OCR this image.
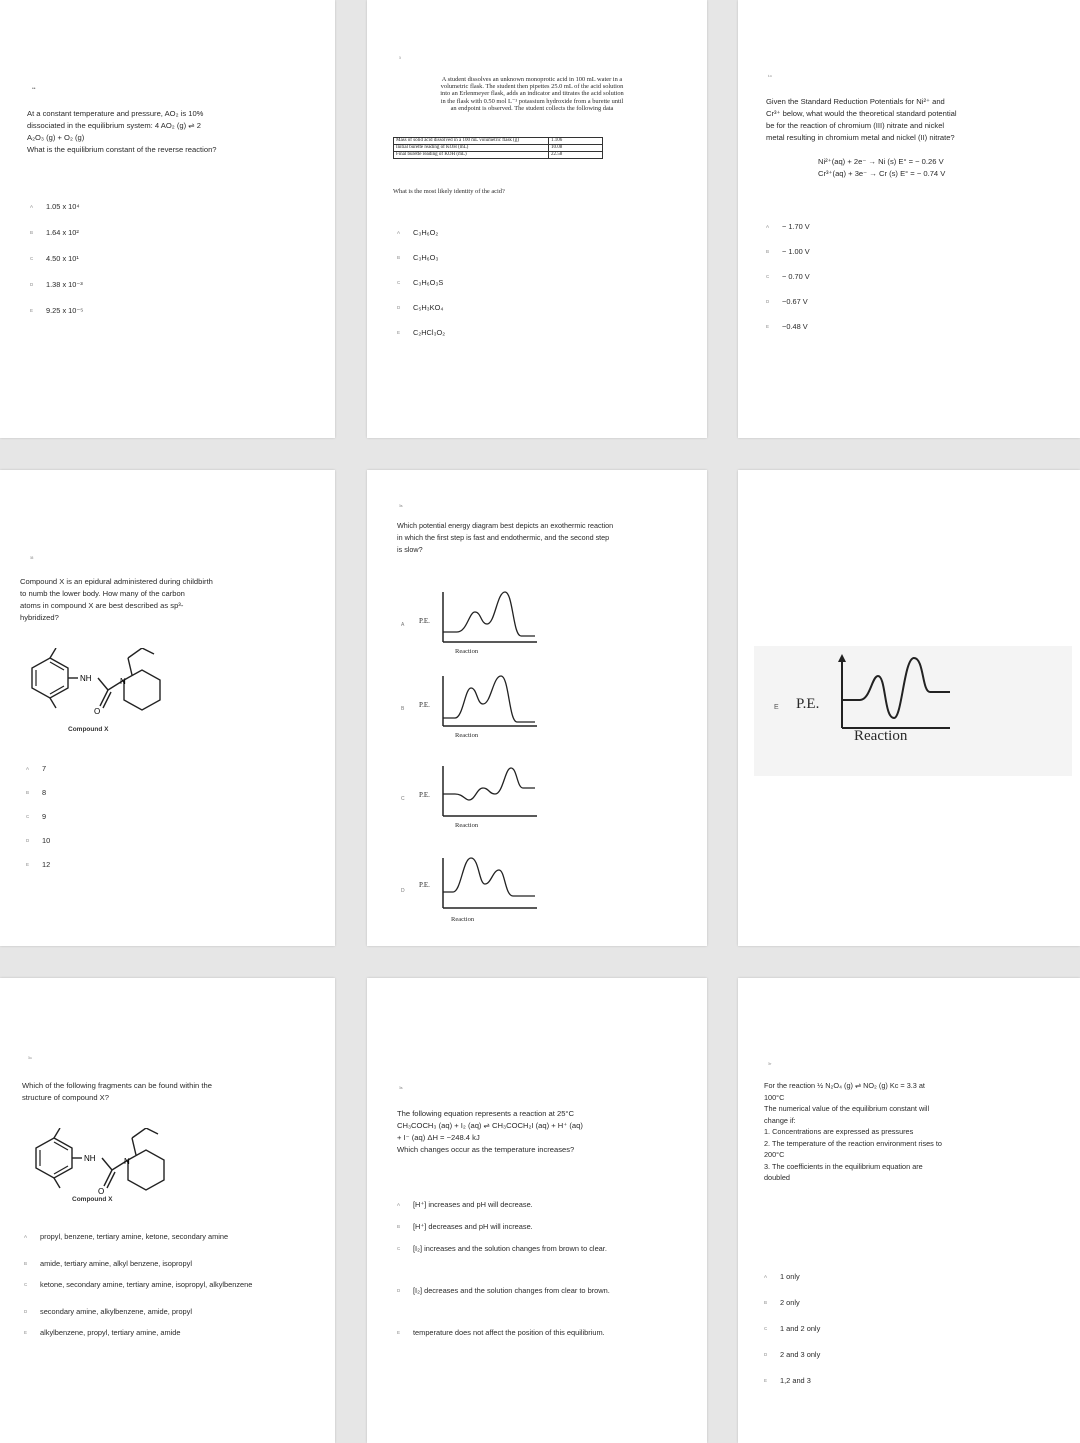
••
At a constant temperature and pressure, AO₂ is 10%
dissociated in the equilibrium system: 4 AO₂ (g) ⇌ 2
A₂O₃ (g) + O₂ (g)
What is the equilibrium constant of the reverse reaction?
A 1.05 x 10⁴
B 1.64 x 10²
C 4.50 x 10¹
D 1.38 x 10⁻³
E 9.25 x 10⁻⁵
³
A student dissolves an unknown monoprotic acid in 100 mL water in a
volumetric flask. The student then pipettes 25.0 mL of the acid solution
into an Erlenmeyer flask, adds an indicator and titrates the acid solution
in the flask with 0.50 mol L⁻¹ potassium hydroxide from a burette until
an endpoint is observed. The student collects the following data
Mass of solid acid dissolved in a 100 mL volumetric flask (g)	1.106
Initial burette reading of KOH (mL)	10.08
Final burette reading of KOH (mL)	22.58
What is the most likely identity of the acid?
A C₃H₆O₂
B C₃H₆O₃
C C₃H₆O₃S
D C₅H₃KO₄
E C₂HCl₃O₂
¹⁴
Given the Standard Reduction Potentials for Ni²⁺ and
Cr³⁺ below, what would the theoretical standard potential
be for the reaction of chromium (III) nitrate and nickel
metal resulting in chromium metal and nickel (II) nitrate?
Ni²⁺(aq) + 2e⁻ → Ni (s) E° = − 0.26 V
Cr³⁺(aq) + 3e⁻ → Cr (s) E° = − 0.74 V
A − 1.70 V
B − 1.00 V
C − 0.70 V
D −0.67 V
E −0.48 V
³³
Compound X is an epidural administered during childbirth
to numb the lower body. How many of the carbon
atoms in compound X are best described as sp³-
hybridized?
NH	N
O
Compound X
A 7
B 8
C 9
D 10
E 12
³⁶
Which potential energy diagram best depicts an exothermic reaction
in which the first step is fast and endothermic, and the second step
is slow?
A P.E.
Reaction
B P.E.
Reaction
C P.E.
Reaction
D
P.E.
Reaction
E P.E.
Reaction
³⁴
Which of the following fragments can be found within the
structure of compound X?
NH	N
O
Compound X
A propyl, benzene, tertiary amine, ketone, secondary amine
B amide, tertiary amine, alkyl benzene, isopropyl
C ketone, secondary amine, tertiary amine, isopropyl, alkylbenzene
D secondary amine, alkylbenzene, amide, propyl
E alkylbenzene, propyl, tertiary amine, amide
³⁶
The following equation represents a reaction at 25°C
CH₃COCH₃ (aq) + I₂ (aq) ⇌ CH₃COCH₂I (aq) + H⁺ (aq)
+ I⁻ (aq) ΔH = −248.4 kJ
Which changes occur as the temperature increases?
A [H⁺] increases and pH will decrease.
B [H⁺] decreases and pH will increase.
C [I₂] increases and the solution changes from brown to clear.
D [I₂] decreases and the solution changes from clear to brown.
E temperature does not affect the position of this equilibrium.
³⁷
For the reaction ½ N₂O₄ (g) ⇌ NO₂ (g) Kc = 3.3 at
100°C
The numerical value of the equilibrium constant will
change if:
1. Concentrations are expressed as pressures
2. The temperature of the reaction environment rises to
200°C
3. The coefficients in the equilibrium equation are
doubled
A 1 only
B 2 only
C 1 and 2 only
D 2 and 3 only
E 1,2 and 3
